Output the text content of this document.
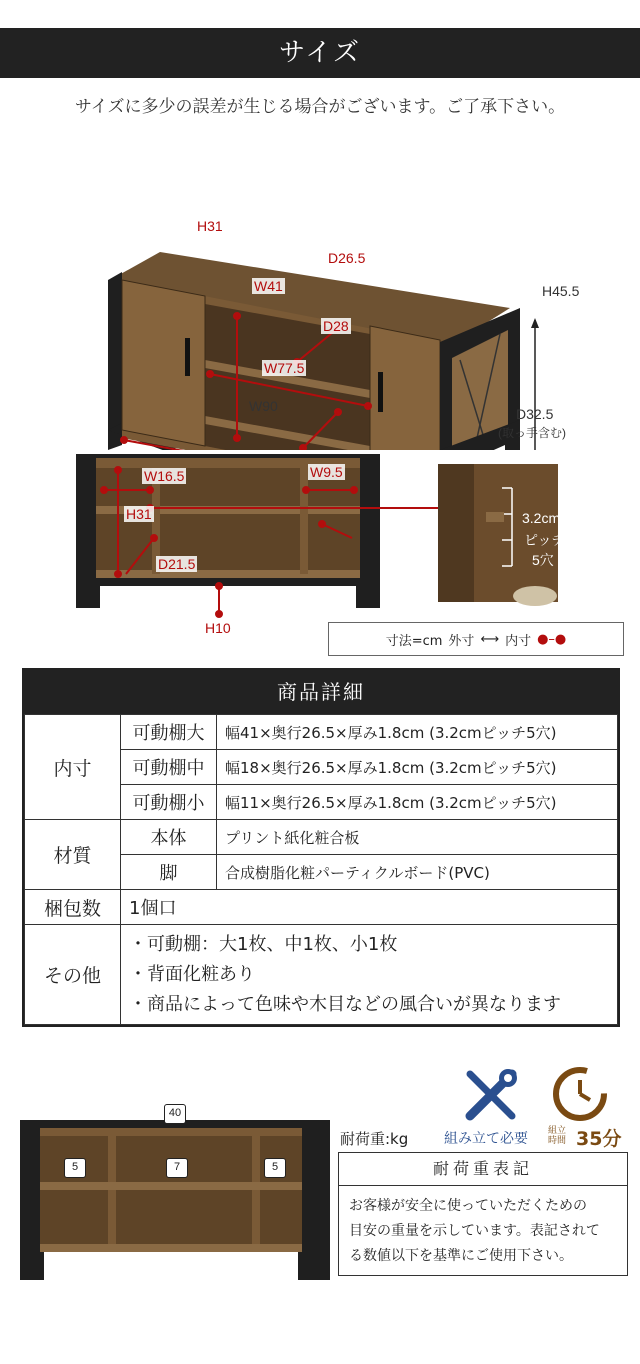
サイズ
サイズに多少の誤差が生じる場合がございます。ご了承下さい。
H31
D26.5
W41
D28
W77.5
W90
H45.5
D32.5
(取っ手含む)
W16.5	W9.5
H31
D21.5
H10
3.2cm
ピッチ
5穴
寸法=cm 外寸 ⟷ 内寸 ●–●
商品詳細
内寸	可動棚大	幅41×奥行26.5×厚み1.8cm (3.2cmピッチ5穴)
	可動棚中	幅18×奥行26.5×厚み1.8cm (3.2cmピッチ5穴)
	可動棚小	幅11×奥行26.5×厚み1.8cm (3.2cmピッチ5穴)
材質	本体	プリント紙化粧合板
	脚	合成樹脂化粧パーティクルボード(PVC)
梱包数	1個口	
その他	・可動棚：大1枚、中1枚、小1枚
・背面化粧あり
・商品によって色味や木目などの風合いが異なります	
40
5	7	5
耐荷重:kg	組み立て必要 組立時間 35分
耐荷重表記
お客様が安全に使っていただくための
目安の重量を示しています。表記されて
る数値以下を基準にご使用下さい。
